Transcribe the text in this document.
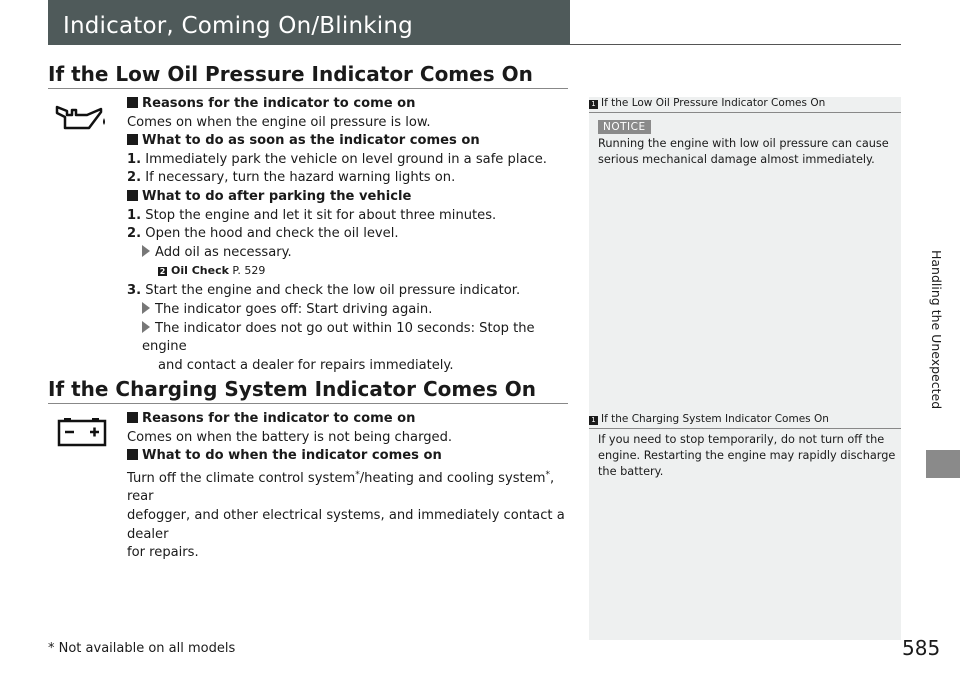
Indicator, Coming On/Blinking
If the Low Oil Pressure Indicator Comes On

Reasons for the indicator to come on

Comes on when the engine oil pressure is low.

What to do as soon as the indicator comes on

1. Immediately park the vehicle on level ground in a safe place.

2. If necessary, turn the hazard warning lights on.

What to do after parking the vehicle

1. Stop the engine and let it sit for about three minutes.

2. Open the hood and check the oil level.

Add oil as necessary.

2 Oil Check P. 529

3. Start the engine and check the low oil pressure indicator.

The indicator goes off: Start driving again.

The indicator does not go out within 10 seconds: Stop the engine

and contact a dealer for repairs immediately.

If the Charging System Indicator Comes On

Reasons for the indicator to come on

Comes on when the battery is not being charged.

What to do when the indicator comes on

Turn off the climate control system*/heating and cooling system*, rear

defogger, and other electrical systems, and immediately contact a dealer

for repairs.

1 If the Low Oil Pressure Indicator Comes On
NOTICE
Running the engine with low oil pressure can cause
serious mechanical damage almost immediately.
1 If the Charging System Indicator Comes On
If you need to stop temporarily, do not turn off the
engine. Restarting the engine may rapidly discharge
the battery.
Handling the Unexpected
* Not available on all models	585
